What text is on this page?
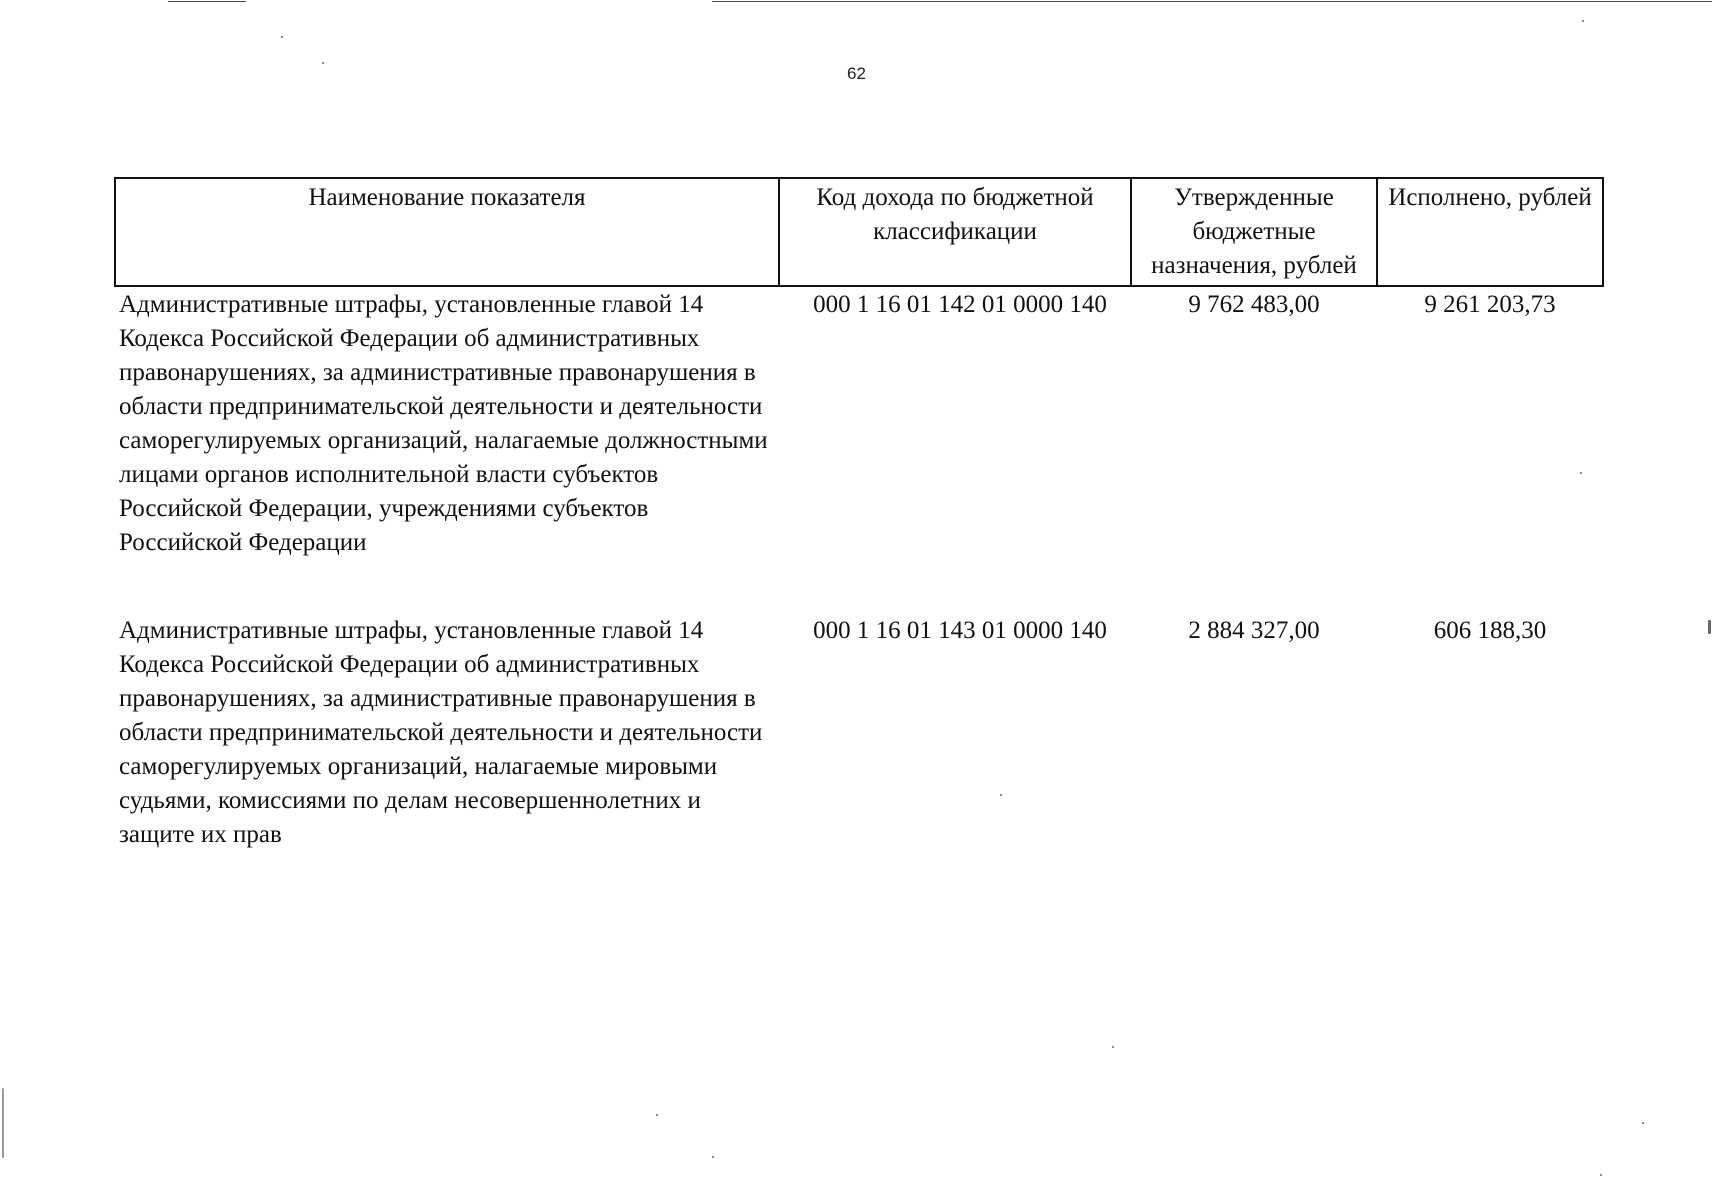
62
Наименование показателя	Код дохода по бюджетной классификации	Утвержденные бюджетные назначения, рублей	Исполнено, рублей
Административные штрафы, установленные главой 14 Кодекса Российской Федерации об административных правонарушениях, за административные правонарушения в области предпринимательской деятельности и деятельности саморегулируемых организаций, налагаемые должностными лицами органов исполнительной власти субъектов Российской Федерации, учреждениями субъектов Российской Федерации	000 1 16 01 142 01 0000 140	9 762 483,00	9 261 203,73
Административные штрафы, установленные главой 14 Кодекса Российской Федерации об административных правонарушениях, за административные правонарушения в области предпринимательской деятельности и деятельности саморегулируемых организаций, налагаемые мировыми судьями, комиссиями по делам несовершеннолетних и защите их прав	000 1 16 01 143 01 0000 140	2 884 327,00	606 188,30
